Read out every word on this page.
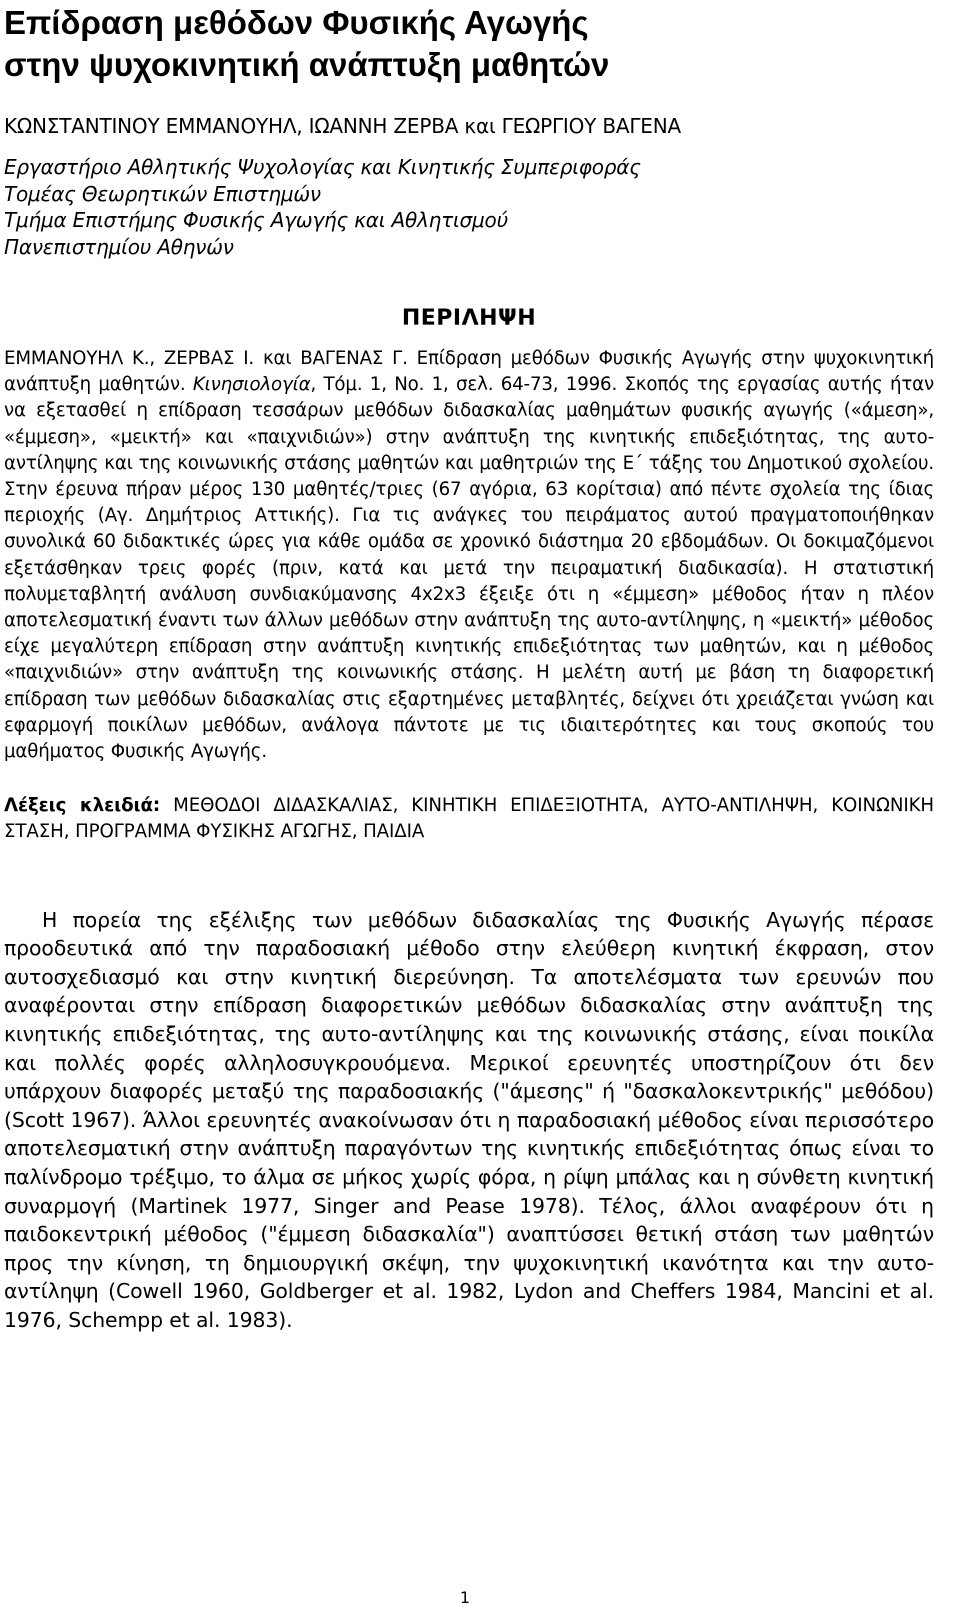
Επίδραση μεθόδων Φυσικής Αγωγής
στην ψυχοκινητική ανάπτυξη μαθητών
ΚΩΝΣΤΑΝΤΙΝΟΥ ΕΜΜΑΝΟΥΗΛ, ΙΩΑΝΝΗ ΖΕΡΒΑ και ΓΕΩΡΓΙΟΥ ΒΑΓΕΝΑ
Εργαστήριο Αθλητικής Ψυχολογίας και Κινητικής Συμπεριφοράς
Τομέας Θεωρητικών Επιστημών
Τμήμα Επιστήμης Φυσικής Αγωγής και Αθλητισμού
Πανεπιστημίου Αθηνών
ΠΕΡΙΛΗΨΗ
ΕΜΜΑΝΟΥΗΛ Κ., ΖΕΡΒΑΣ Ι. και ΒΑΓΕΝΑΣ Γ. Επίδραση μεθόδων Φυσικής Αγωγής στην ψυχοκινητική ανάπτυξη μαθητών. Κινησιολογία, Τόμ. 1, Νο. 1, σελ. 64-73, 1996. Σκοπός της εργασίας αυτής ήταν να εξετασθεί η επίδραση τεσσάρων μεθόδων διδασκαλίας μαθημάτων φυσικής αγωγής («άμεση», «έμμεση», «μεικτή» και «παιχνιδιών») στην ανάπτυξη της κινητικής επιδεξιότητας, της αυτο-αντίληψης και της κοινωνικής στάσης μαθητών και μαθητριών της Ε΄ τάξης του Δημοτικού σχολείου. Στην έρευνα πήραν μέρος 130 μαθητές/τριες (67 αγόρια, 63 κορίτσια) από πέντε σχολεία της ίδιας περιοχής (Αγ. Δημήτριος Αττικής). Για τις ανάγκες του πειράματος αυτού πραγματοποιήθηκαν συνολικά 60 διδακτικές ώρες για κάθε ομάδα σε χρονικό διάστημα 20 εβδομάδων. Οι δοκιμαζόμενοι εξετάσθηκαν τρεις φορές (πριν, κατά και μετά την πειραματική διαδικασία). Η στατιστική πολυμεταβλητή ανάλυση συνδιακύμανσης 4x2x3 έξειξε ότι η «έμμεση» μέθοδος ήταν η πλέον αποτελεσματική έναντι των άλλων μεθόδων στην ανάπτυξη της αυτο-αντίληψης, η «μεικτή» μέθοδος είχε μεγαλύτερη επίδραση στην ανάπτυξη κινητικής επιδεξιότητας των μαθητών, και η μέθοδος «παιχνιδιών» στην ανάπτυξη της κοινωνικής στάσης. Η μελέτη αυτή με βάση τη διαφορετική επίδραση των μεθόδων διδασκαλίας στις εξαρτημένες μεταβλητές, δείχνει ότι χρειάζεται γνώση και εφαρμογή ποικίλων μεθόδων, ανάλογα πάντοτε με τις ιδιαιτερότητες και τους σκοπούς του μαθήματος Φυσικής Αγωγής.
Λέξεις κλειδιά: ΜΕΘΟΔΟΙ ΔΙΔΑΣΚΑΛΙΑΣ, ΚΙΝΗΤΙΚΗ ΕΠΙΔΕΞΙΟΤΗΤΑ, ΑΥΤΟ-ΑΝΤΙΛΗΨΗ, ΚΟΙΝΩΝΙΚΗ ΣΤΑΣΗ, ΠΡΟΓΡΑΜΜΑ ΦΥΣΙΚΗΣ ΑΓΩΓΗΣ, ΠΑΙΔΙΑ
Η πορεία της εξέλιξης των μεθόδων διδασκαλίας της Φυσικής Αγωγής πέρασε προοδευτικά από την παραδοσιακή μέθοδο στην ελεύθερη κινητική έκφραση, στον αυτοσχεδιασμό και στην κινητική διερεύνηση. Τα αποτελέσματα των ερευνών που αναφέρονται στην επίδραση διαφορετικών μεθόδων διδασκαλίας στην ανάπτυξη της κινητικής επιδεξιότητας, της αυτο-αντίληψης και της κοινωνικής στάσης, είναι ποικίλα και πολλές φορές αλληλοσυγκρουόμενα. Μερικοί ερευνητές υποστηρίζουν ότι δεν υπάρχουν διαφορές μεταξύ της παραδοσιακής ("άμεσης" ή "δασκαλοκεντρικής" μεθόδου) (Scott 1967). Άλλοι ερευνητές ανακοίνωσαν ότι η παραδοσιακή μέθοδος είναι περισσότερο αποτελεσματική στην ανάπτυξη παραγόντων της κινητικής επιδεξιότητας όπως είναι το παλίνδρομο τρέξιμο, το άλμα σε μήκος χωρίς φόρα, η ρίψη μπάλας και η σύνθετη κινητική συναρμογή (Martinek 1977, Singer and Pease 1978). Τέλος, άλλοι αναφέρουν ότι η παιδοκεντρική μέθοδος ("έμμεση διδασκαλία") αναπτύσσει θετική στάση των μαθητών προς την κίνηση, τη δημιουργική σκέψη, την ψυχοκινητική ικανότητα και την αυτο-αντίληψη (Cowell 1960, Goldberger et al. 1982, Lydon and Cheffers 1984, Mancini et al. 1976, Schempp et al. 1983).
1
